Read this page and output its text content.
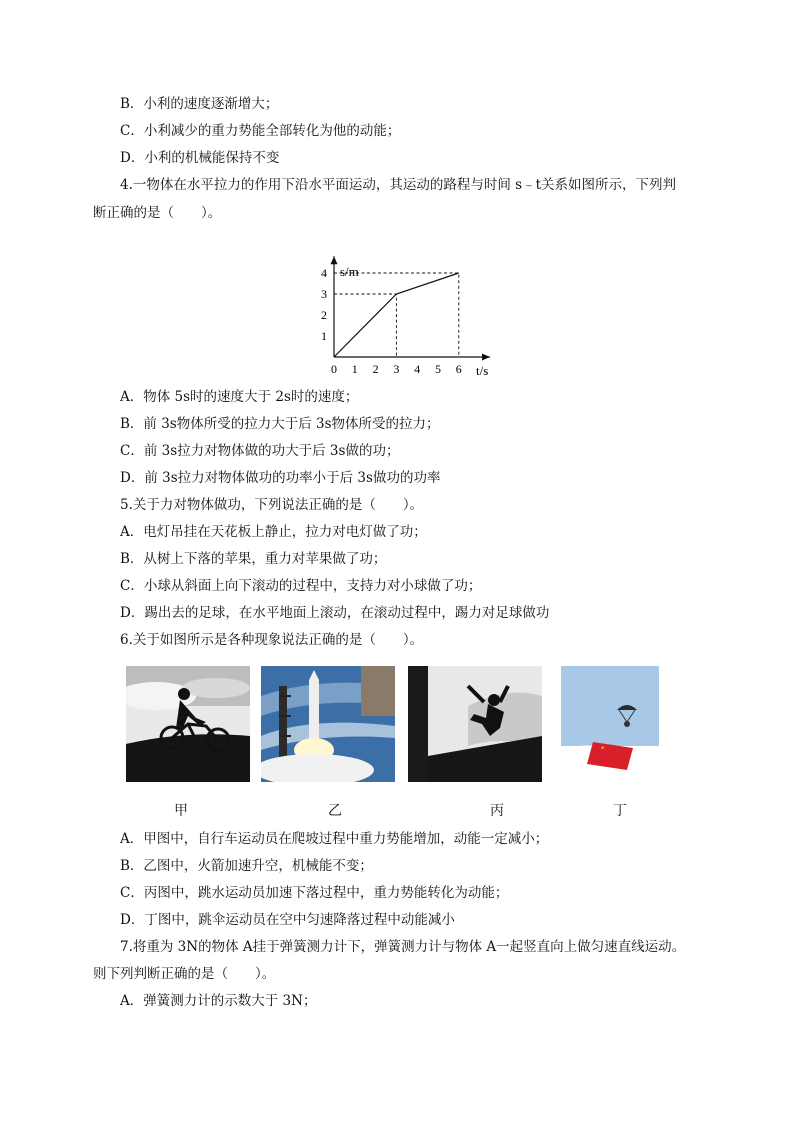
B．小利的速度逐渐增大；
C．小利减少的重力势能全部转化为他的动能；
D．小利的机械能保持不变
4.一物体在水平拉力的作用下沿水平面运动，其运动的路程与时间 s﹣t关系如图所示，下列判
断正确的是（　　）。
0 1 2 3 4 5 6
1
2
3
4 s/m
t/s
A．物体 5s时的速度大于 2s时的速度；
B．前 3s物体所受的拉力大于后 3s物体所受的拉力；
C．前 3s拉力对物体做的功大于后 3s做的功；
D．前 3s拉力对物体做功的功率小于后 3s做功的功率
5.关于力对物体做功，下列说法正确的是（　　）。
A．电灯吊挂在天花板上静止，拉力对电灯做了功；
B．从树上下落的苹果，重力对苹果做了功；
C．小球从斜面上向下滚动的过程中，支持力对小球做了功；
D．踢出去的足球，在水平地面上滚动，在滚动过程中，踢力对足球做功
6.关于如图所示是各种现象说法正确的是（　　）。
甲	乙	丙	丁
A．甲图中，自行车运动员在爬坡过程中重力势能增加，动能一定减小；
B．乙图中，火箭加速升空，机械能不变；
C．丙图中，跳水运动员加速下落过程中，重力势能转化为动能；
D．丁图中，跳伞运动员在空中匀速降落过程中动能减小
7.将重为 3N的物体 A挂于弹簧测力计下，弹簧测力计与物体 A一起竖直向上做匀速直线运动。
则下列判断正确的是（　　）。
A．弹簧测力计的示数大于 3N；
